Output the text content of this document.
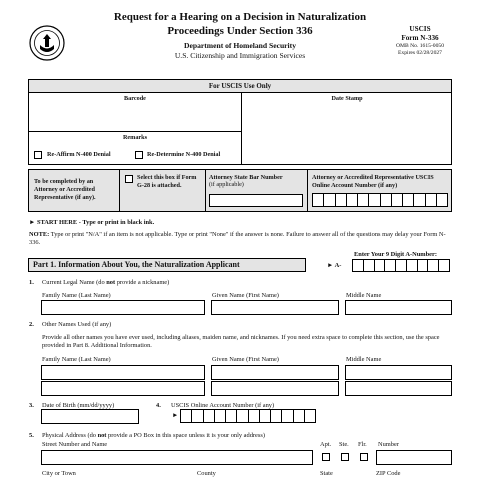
Request for a Hearing on a Decision in Naturalization
Proceedings Under Section 336
Department of Homeland Security
U.S. Citizenship and Immigration Services
USCIS
Form N-336
OMB No. 1615-0050
Expires 02/28/2027
For USCIS Use Only
Barcode	Date Stamp
Remarks
Re-Affirm N-400 Denial	Re-Determine N-400 Denial
To be completed by an Attorney or Accredited Representative (if any).
Select this box if Form G-28 is attached.
Attorney State Bar Number
(if applicable)
Attorney or Accredited Representative USCIS Online Account Number (if any)
► START HERE - Type or print in black ink.
NOTE: Type or print "N/A" if an item is not applicable. Type or print "None" if the answer is none. Failure to answer all of the questions may delay your Form N-336.
Enter Your 9 Digit A-Number:
► A-
Part 1. Information About You, the Naturalization Applicant
1. Current Legal Name (do not provide a nickname)
Family Name (Last Name)	Given Name (First Name)	Middle Name
2. Other Names Used (if any)
Provide all other names you have ever used, including aliases, maiden name, and nicknames. If you need extra space to complete this section, use the space provided in Part 8. Additional Information.
Family Name (Last Name)	Given Name (First Name)	Middle Name
3. Date of Birth (mm/dd/yyyy)	4. USCIS Online Account Number (if any)
►
5. Physical Address (do not provide a PO Box in this space unless it is your only address)
Street Number and Name	Apt. Ste. Flr. Number
City or Town	County	State	ZIP Code
